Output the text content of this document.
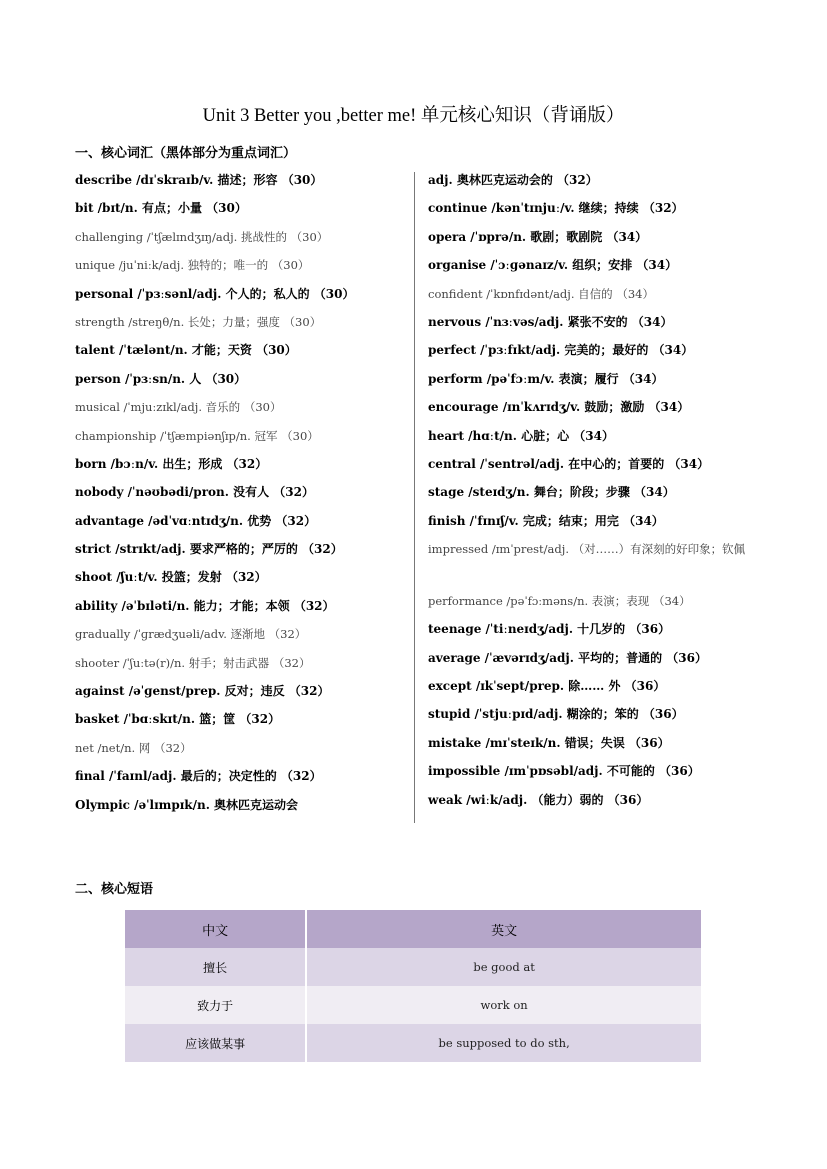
Unit 3 Better you ,better me! 单元核心知识（背诵版）
一、核心词汇（黑体部分为重点词汇）
describe /dɪˈskraɪb/v. 描述；形容 （30）
bit /bɪt/n. 有点；小量 （30）
challenging /ˈtʃælɪndʒɪŋ/adj. 挑战性的 （30）
unique /juˈniːk/adj. 独特的；唯一的 （30）
personal /ˈpɜːsənl/adj. 个人的；私人的 （30）
strength /streŋθ/n. 长处；力量；强度 （30）
talent /ˈtælənt/n. 才能；天资 （30）
person /ˈpɜːsn/n. 人 （30）
musical /ˈmjuːzɪkl/adj. 音乐的 （30）
championship /ˈtʃæmpiənʃɪp/n. 冠军 （30）
born /bɔːn/v. 出生；形成 （32）
nobody /ˈnəʊbədi/pron. 没有人 （32）
advantage /ədˈvɑːntɪdʒ/n. 优势 （32）
strict /strɪkt/adj. 要求严格的；严厉的 （32）
shoot /ʃuːt/v. 投篮；发射 （32）
ability /əˈbɪləti/n. 能力；才能；本领 （32）
gradually /ˈɡrædʒuəli/adv. 逐渐地 （32）
shooter /ˈʃuːtə(r)/n. 射手；射击武器 （32）
against /əˈɡenst/prep. 反对；违反 （32）
basket /ˈbɑːskɪt/n. 篮；筐 （32）
net /net/n. 网 （32）
final /ˈfaɪnl/adj. 最后的；决定性的 （32）
Olympic /əˈlɪmpɪk/n. 奥林匹克运动会
adj. 奥林匹克运动会的 （32）
continue /kənˈtɪnjuː/v. 继续；持续 （32）
opera /ˈɒprə/n. 歌剧；歌剧院 （34）
organise /ˈɔːɡənaɪz/v. 组织；安排 （34）
confident /ˈkɒnfɪdənt/adj. 自信的 （34）
nervous /ˈnɜːvəs/adj. 紧张不安的 （34）
perfect /ˈpɜːfɪkt/adj. 完美的；最好的 （34）
perform /pəˈfɔːm/v. 表演；履行 （34）
encourage /ɪnˈkʌrɪdʒ/v. 鼓励；激励 （34）
heart /hɑːt/n. 心脏；心 （34）
central /ˈsentrəl/adj. 在中心的；首要的 （34）
stage /steɪdʒ/n. 舞台；阶段；步骤 （34）
finish /ˈfɪnɪʃ/v. 完成；结束；用完 （34）
impressed /ɪmˈprest/adj. （对……）有深刻的好印象；钦佩
performance /pəˈfɔːməns/n. 表演；表现 （34）
teenage /ˈtiːneɪdʒ/adj. 十几岁的 （36）
average /ˈævərɪdʒ/adj. 平均的；普通的 （36）
except /ɪkˈsept/prep. 除…… 外 （36）
stupid /ˈstjuːpɪd/adj. 糊涂的；笨的 （36）
mistake /mɪˈsteɪk/n. 错误；失误 （36）
impossible /ɪmˈpɒsəbl/adj. 不可能的 （36）
weak /wiːk/adj. （能力）弱的 （36）
二、核心短语
中文	英文
擅长	be good at
致力于	work on
应该做某事	be supposed to do sth,
